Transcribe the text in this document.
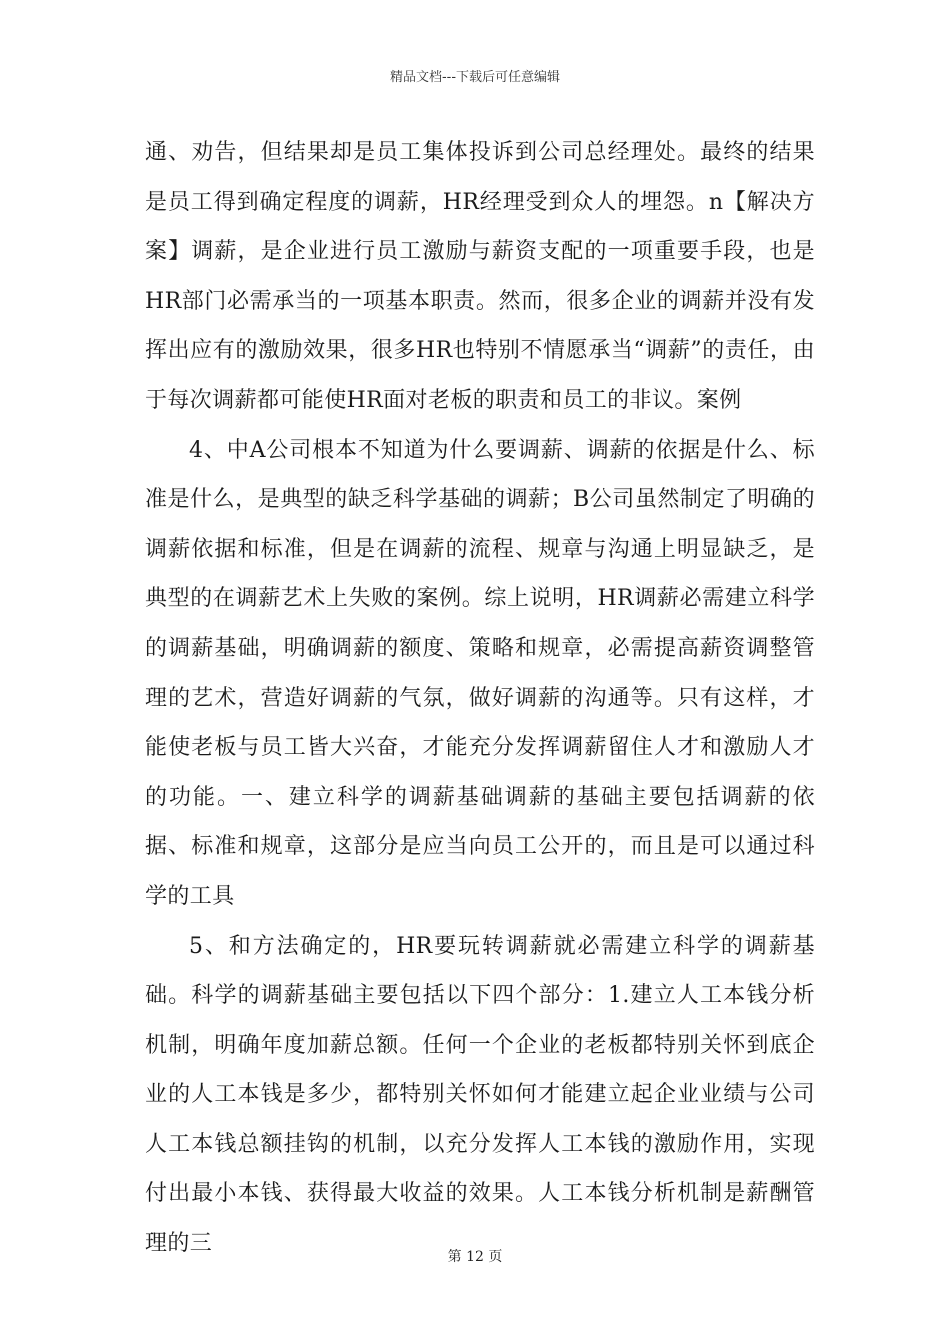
精品文档---下载后可任意编辑

通、劝告，但结果却是员工集体投诉到公司总经理处。最终的结果是员工得到确定程度的调薪，HR经理受到众人的埋怨。n【解决方案】调薪，是企业进行员工激励与薪资支配的一项重要手段，也是HR部门必需承当的一项基本职责。然而，很多企业的调薪并没有发挥出应有的激励效果，很多HR也特别不情愿承当“调薪”的责任，由于每次调薪都可能使HR面对老板的职责和员工的非议。案例

4、中A公司根本不知道为什么要调薪、调薪的依据是什么、标准是什么，是典型的缺乏科学基础的调薪；B公司虽然制定了明确的调薪依据和标准，但是在调薪的流程、规章与沟通上明显缺乏，是典型的在调薪艺术上失败的案例。综上说明，HR调薪必需建立科学的调薪基础，明确调薪的额度、策略和规章，必需提高薪资调整管理的艺术，营造好调薪的气氛，做好调薪的沟通等。只有这样，才能使老板与员工皆大兴奋，才能充分发挥调薪留住人才和激励人才的功能。一、建立科学的调薪基础调薪的基础主要包括调薪的依据、标准和规章，这部分是应当向员工公开的，而且是可以通过科学的工具

5、和方法确定的，HR要玩转调薪就必需建立科学的调薪基础。科学的调薪基础主要包括以下四个部分：1.建立人工本钱分析机制，明确年度加薪总额。任何一个企业的老板都特别关怀到底企业的人工本钱是多少，都特别关怀如何才能建立起企业业绩与公司人工本钱总额挂钩的机制，以充分发挥人工本钱的激励作用，实现付出最小本钱、获得最大收益的效果。人工本钱分析机制是薪酬管理的三

第 12 页
